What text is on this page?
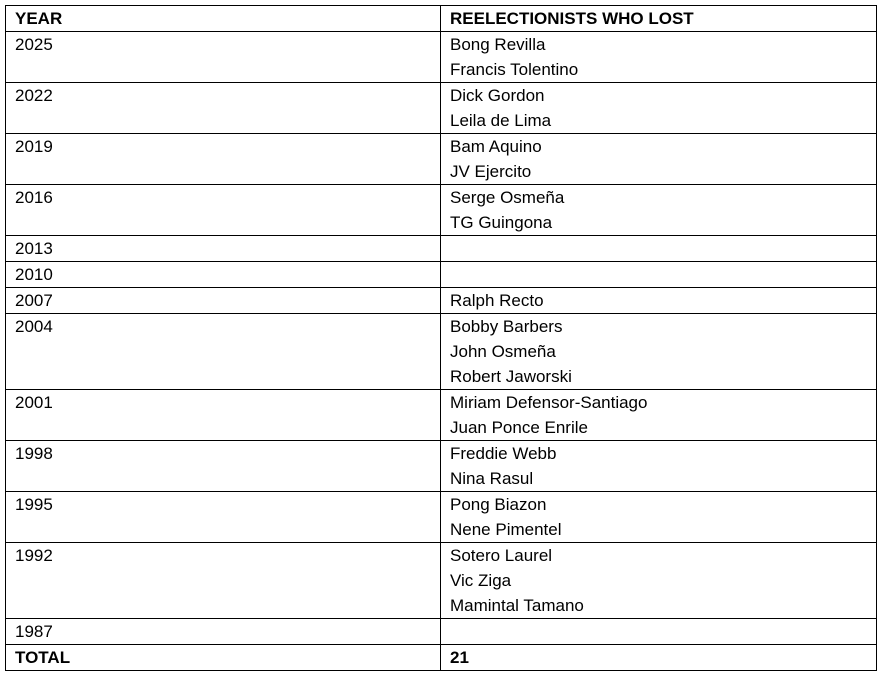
YEAR	REELECTIONISTS WHO LOST

2025	Bong Revilla
Francis Tolentino

2022	Dick Gordon
Leila de Lima

2019	Bam Aquino
JV Ejercito

2016	Serge Osmeña
TG Guingona

2013	

2010	

2007	Ralph Recto

2004	Bobby Barbers
John Osmeña
Robert Jaworski

2001	Miriam Defensor-Santiago
Juan Ponce Enrile

1998	Freddie Webb
Nina Rasul

1995	Pong Biazon
Nene Pimentel

1992	Sotero Laurel
Vic Ziga
Mamintal Tamano

1987	

TOTAL	21
